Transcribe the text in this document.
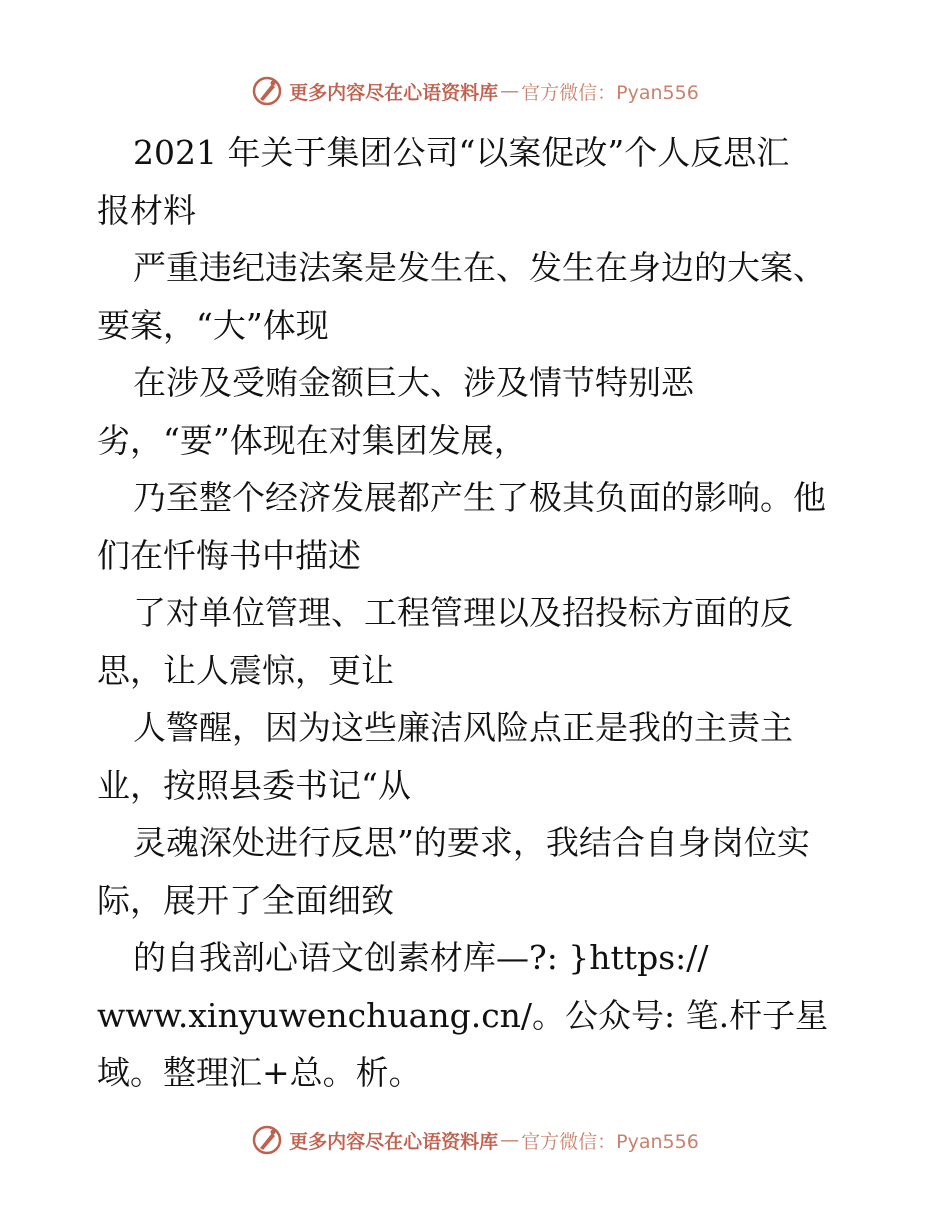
更多内容尽在心语资料库 — 官方微信：Pyan556
2021 年关于集团公司“以案促改”个人反思汇
报材料
严重违纪违法案是发生在、发生在身边的大案、
要案，“大”体现
在涉及受贿金额巨大、涉及情节特别恶
劣，“要”体现在对集团发展，
乃至整个经济发展都产生了极其负面的影响。他
们在忏悔书中描述
了对单位管理、工程管理以及招投标方面的反
思，让人震惊，更让
人警醒，因为这些廉洁风险点正是我的主责主
业，按照县委书记“从
灵魂深处进行反思”的要求，我结合自身岗位实
际，展开了全面细致
的自我剖心语文创素材库—?: }https://
www.xinyuwenchuang.cn/。公众号: 笔.杆子星
域。整理汇+总。析。
更多内容尽在心语资料库 — 官方微信：Pyan556
